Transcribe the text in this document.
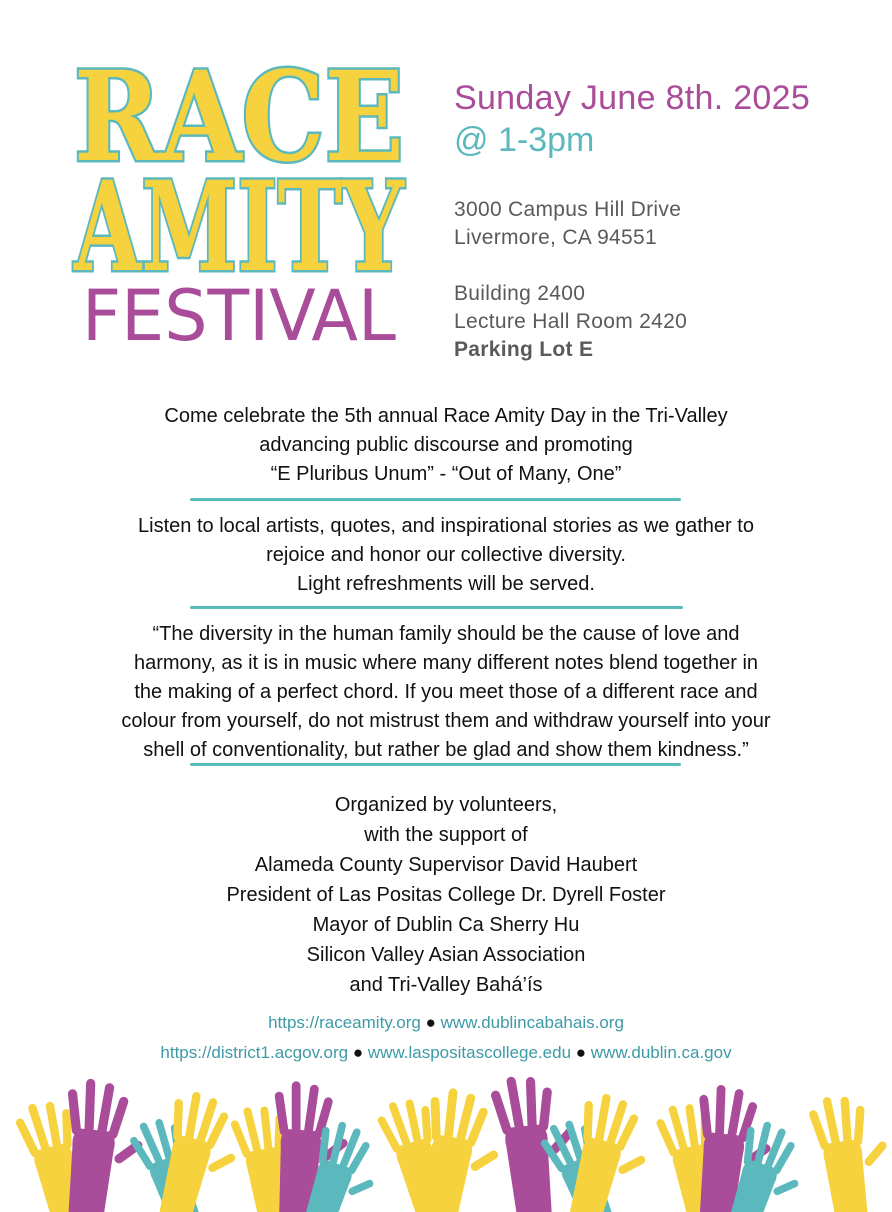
RACE
AMITY
FESTIVAL
Sunday June 8th. 2025
@ 1-3pm
3000 Campus Hill Drive
Livermore, CA 94551
Building 2400
Lecture Hall Room 2420
Parking Lot E
Come celebrate the 5th annual Race Amity Day in the Tri-Valley
advancing public discourse and promoting
“E Pluribus Unum” - “Out of Many, One”
Listen to local artists, quotes, and inspirational stories as we gather to
rejoice and honor our collective diversity.
Light refreshments will be served.
“The diversity in the human family should be the cause of love and
harmony, as it is in music where many different notes blend together in
the making of a perfect chord. If you meet those of a different race and
colour from yourself, do not mistrust them and withdraw yourself into your
shell of conventionality, but rather be glad and show them kindness.”
Organized by volunteers,
with the support of
Alameda County Supervisor David Haubert
President of Las Positas College Dr. Dyrell Foster
Mayor of Dublin Ca Sherry Hu
Silicon Valley Asian Association
and Tri-Valley Bahá’ís
https://raceamity.org ● www.dublincabahais.org
https://district1.acgov.org ● www.laspositascollege.edu ● www.dublin.ca.gov
